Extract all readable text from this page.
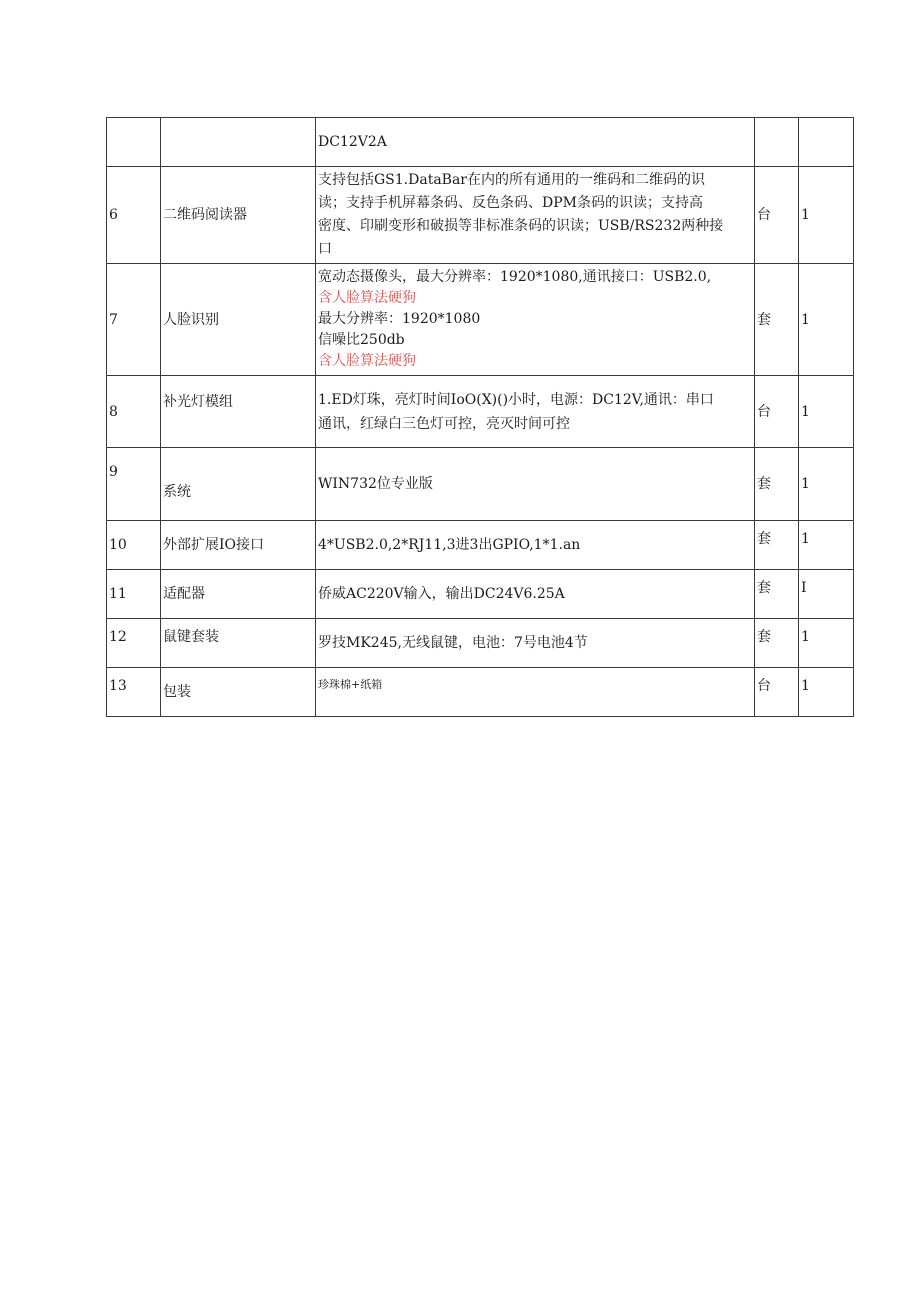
		DC12V2A		

6	二维码阅读器	支持包括GS1.DataBar在内的所有通用的一维码和二维码的识
读；支持手机屏幕条码、反色条码、DPM条码的识读；支持高
密度、印刷变形和破损等非标准条码的识读；USB/RS232两种接
口	台	1
7	人脸识别	宽动态摄像头，最大分辨率：1920*1080,通讯接口：USB2.0,
含人脸算法硬狗
最大分辨率：1920*1080
信噪比250db
含人脸算法硬狗	套	1
8	补光灯模组	1.ED灯珠，亮灯时间IoO(X)()小时，电源：DC12V,通讯：串口
通讯，红绿白三色灯可控，亮灭时间可控	台	1
9	系统	WIN732位专业版	套	1
10	外部扩展IO接口	4*USB2.0,2*RJ11,3进3出GPIO,1*1.an	套	1
11	适配器	侨威AC220V输入，输出DC24V6.25A	套	I
12	鼠键套装	罗技MK245,无线鼠键，电池：7号电池4节	套	1
13	包装	珍珠棉+纸箱	台	1
